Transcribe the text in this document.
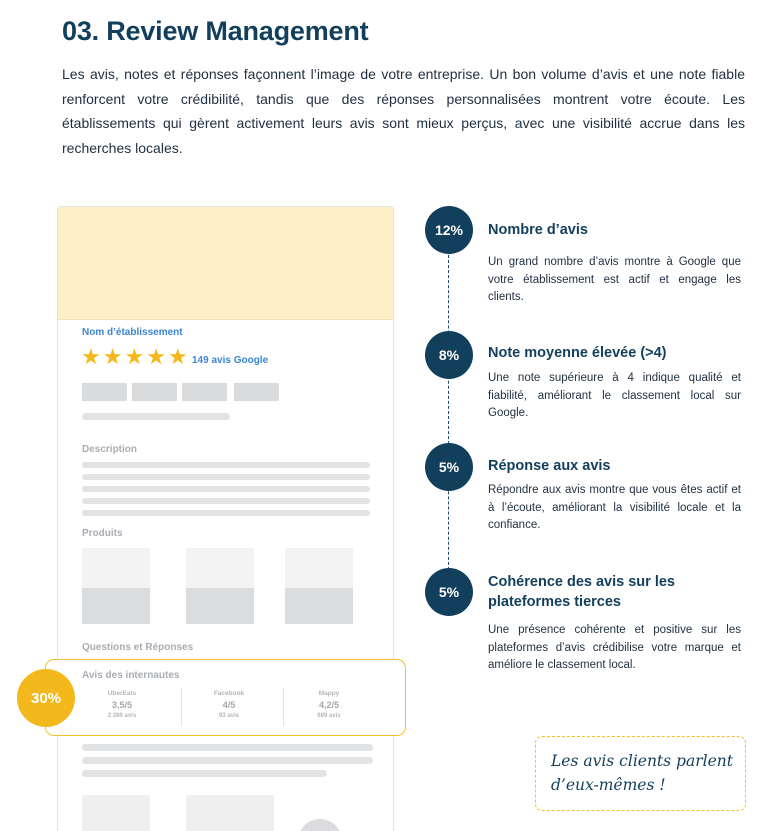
03. Review Management

Les avis, notes et réponses façonnent l’image de votre entreprise. Un bon volume d’avis et une note fiable renforcent votre crédibilité, tandis que des réponses personnalisées montrent votre écoute. Les établissements qui gèrent activement leurs avis sont mieux perçus, avec une visibilité accrue dans les recherches locales.

Nom d’établissement
★ ★ ★ ★ ★ 149 avis Google
Description
Produits
Questions et Réponses
Avis des internautes
UberEats
3,5/5
2 280 avis
Facebook
4/5
93 avis
Mappy
4,2/5
689 avis
30%
12%	Nombre d’avis
Un grand nombre d’avis montre à Google que votre établissement est actif et engage les clients.
8%	Note moyenne élevée (>4)
Une note supérieure à 4 indique qualité et fiabilité, améliorant le classement local sur Google.
5%	Réponse aux avis
Répondre aux avis montre que vous êtes actif et à l’écoute, améliorant la visibilité locale et la confiance.
5%
Cohérence des avis sur les plateformes tierces
Une présence cohérente et positive sur les plateformes d’avis crédibilise votre marque et améliore le classement local.
Les avis clients parlent
d’eux-mêmes !
